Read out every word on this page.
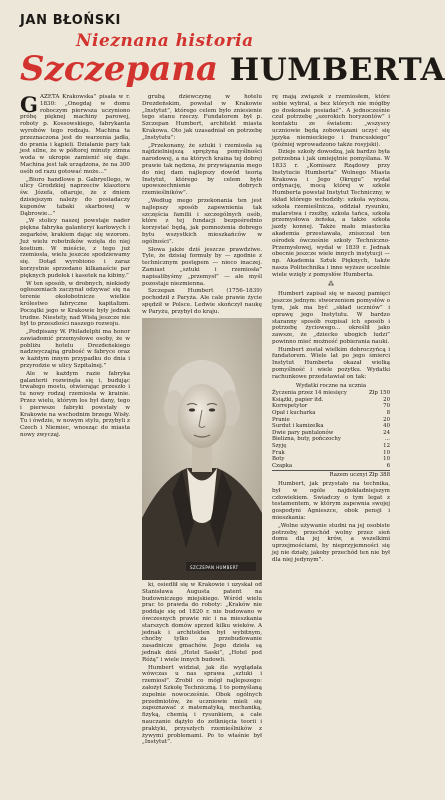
JAN BŁOŃSKI
Nieznana historia
Szczepana HUMBERTA

GAZETA Krakowska” pisała w r. 1830: „Onegdaj w domu roboczym pierwsza uczyniono próbę pięknej machiny parowej, roboty p. Kossowskiego, fabrykanta wyrobów tego rodzaju. Machina ta przeznaczona jest do warzenia jadła, do prania i kąpieli. Działanie pary tak jest silne, że w półtorej minuty zimna woda w ukropie zamienić się daje. Machina jest tak urządzona, że na 300 osób od razu gotować może...”

„Biuro handlowe p. Gabryellego, w ulicy Grodzkiej naprzeciw klasztoru św. Józefa, ofiaruje, że z dniem dzisiejszym należy do posiadaczy kuponów tabaki skarbowej w Dąbrowie...”

„W stolicy naszej powstaje nader piękna fabryka galanteryi karłowych i zegarków, krakiem dając się wzorom. Już wielu robotników wzięła do niej kostium. W mieście, z tego już rzemiosła, wielu jeszcze spodziewamy się. Dotąd wyrobiono i zaraz korzystnie sprzedano kilkanaście par pięknych pudełek i kasetek na kibiny.”

W ten sposób, w drobnych, niekiedy ogłoszeniach zaczynał odzywać się na terenie okołobotnicze wielkie królestwo fabryczne kapitalizm. Początki jego w Krakowie były jednak trudne. Niestety, nad Wisłą jeszcze nie był to przeszłości naszego rozwoju.

„Podpisany W. Philadelphi ma honor zawiadomić przemysłowe osoby, że w pobliżu hotelu Drezdeńskiego nadzwyczajną grubość w fabryce oraz w każdym innym przypadku do dnia i przyrodzie w ulicy Szpitalnej.”

Ale w każdym razie fabryka galanterii rozwinęła się i, budując trwałego mostu, otwierając przeszło i tu nowy rodzaj rzemiosła w krainie. Przez wielu, którym los był dany, tego i pierwsze fabryki powstały w Krakowie na wschodnim brzegu Wisły. Tu i ówdzie, w nowym stylu, przybyli z Czech i Niemiec, wnosząc do miasta nowy zwyczaj.

grubą dziewczynę w hotelu Drezdeńskim, powstał w Krakowie „Instytut”, którego celem było zniesienie tego stanu rzeczy. Fundatorem był p. Szczepan Humbert, architekt miasta Krakowa. Oto jak uzasadniał on potrzebę „Instytutu”:

„Przekonany, że sztuki i rzemiosła są najdzielniejszą sprężyną pomyślności narodowej, a na których kraina tej dobrej prawie tak nędzna, że przywiązania mego do niej dam najlepszy dowód teorią Instytut, którego by celem było upowszechnienie dobrych rzemieślników”.

„Według mego przekonania ten jest najlepszy sposób zapewnienia tak szczęścia familii i szczególnych osób, które z tej fundacji bezpośrednio korzystać będą, jak pomnożenia dobrego bytu wszystkich mieszkańców w ogólności”.

Słowa jakże dziś jeszcze prawdziwe. Tyle, że dzisiaj formuły by — zgodnie z technicznym postępem — nieco inaczej. Zamiast „sztuki i rzemiosła” napisalibyśmy „przemysł” — ale myśl pozostaje niezmienna.

Szczepan Humbert (1756–1839) pochodził z Paryża. Ale cale prawie życie spędził w Polsce. Ledwie skończył naukę w Paryżu, przybył do kraju.

SZCZEPAN HUMBERT

ki, osiedlił się w Krakowie i uzyskał od Stanisława Augusta patent na budowniczego miejskiego. Wśród wielu prac to prawda do roboty: „Kraków nie poddaje się od 1820 r. nie budowano w ówczesnych prawie nic i na mieszkania starszych domów sprzed kilku wieków. A jednak i architekten był wybitnym, choćby tylko za przebudowanie zasadnicze gmachów. Jego dzieła są jednak dziś „Hotel Saski”, „Hotel pod Różą” i wiele innych budowli.

Humbert widział, jak źle wyglądała wówczas u nas sprawa „sztuki i rzemiosł”. Zrobił co mógł najlepszego: założył Szkołę Techniczną. I to pomyślaną zupełnie nowocześnie. Obok ogólnych przedmiotów, że uczniowie mieli się zapoznawać z matematyką, mechaniką, fizyką, chemią i rysunkiem, a całe nauczanie dążyło do zetknięcia teorii i praktyki, przyszłych rzemieślników z żywymi problemami. Po to właśnie był „Instytut”.

rę mają związek z rzemiosłem, które sobie wybrał, a bez których nie mógłby go doskonale posiadać”. A jednocześnie czuł potrzebę „szerokich horyzontów” i kontaktu ze światem: „wszyscy uczniowie będą zobowiązani uczyć się języka niemieckiego i francuskiego” (później wprowadzono także rosyjski).

Dzieje szkoły dowodzą, jak bardzo była potrzebna i jak umiejętnie pomyślana. W 1833 r. „Komisarz Rządowy przy Instytucie Humberta” Wolnego Miasta Krakowa i Jego Okręgu” wydał ordynację, mocą której w szkole Humberta powstał Instytut Techniczny, w skład którego wchodziły: szkoła wyższa, szkoła rzemieślnicza, oddział rysunku, malarstwa i rzeźby, szkoła tańca, szkoła przemysłowa żeńska, a także szkoła jazdy konnej. Także mało miastecka akademia przestawała, zniszczał ten ośrodek ówcześnie szkoły Techniczno-Przemysłowej, wydał w 1839 r. Jednak obecnie jeszcze wiele innych instytucji — np. Akademia Sztuk Pięknych, także nasza Politechnika i inne wyższe uczelnie wiele wzięły z pomysłów Humberta.

⁂

Humbert zapisał się w naszej pamięci jeszcze jednym: stworzeniem pomysłów o tym, jak ma być „skład uczniów” i oprawę jego Instytutu. W bardzo staranny sposób rozpisał ich sposób i potrzebę życiowego... określił jako zawsze, że „dziecko ubogich ludzi” powinno mieć możność pobierania nauki.

Humbert został wielkim dobroczyńcą i fundatorem. Wiele lat po jego śmierci Instytut Humberta okazał wielką pomyślność i wiele pożytku. Wydatki rachunkowe przedstawiał on tak:

Wydatki roczne na ucznia
Życzenia przez 14 miesięcy	Złp 150
Książki, papier itd.	20
Korrepetytor	70
Opał i kucharka	8
Pranie	20
Surdut i kamizelka	40
Dwie pary pantalonów	24
Bielizna, buty, pończochy	...
Szyję	12
Frak	10
Boty	10
Czapka	6
Razem ucznyi Złp 388

Humbert, jak przystało na technika, był w ogóle najdokładniejszym człowiekiem. Swiadczy o tym legat z testamentem, w którym zapewnia swojej gospodyni Agnieszce, obok pensji i mieszkania:

„Wolne używanie studni na jej osobiste potrzeby, przechód wolny przez sień domu dla jej krów, a wszelkimi uprzejmościami, by nieprzyjemności się jej nie działy, jakoby przechód ten nie był dla niej jedynym”.
